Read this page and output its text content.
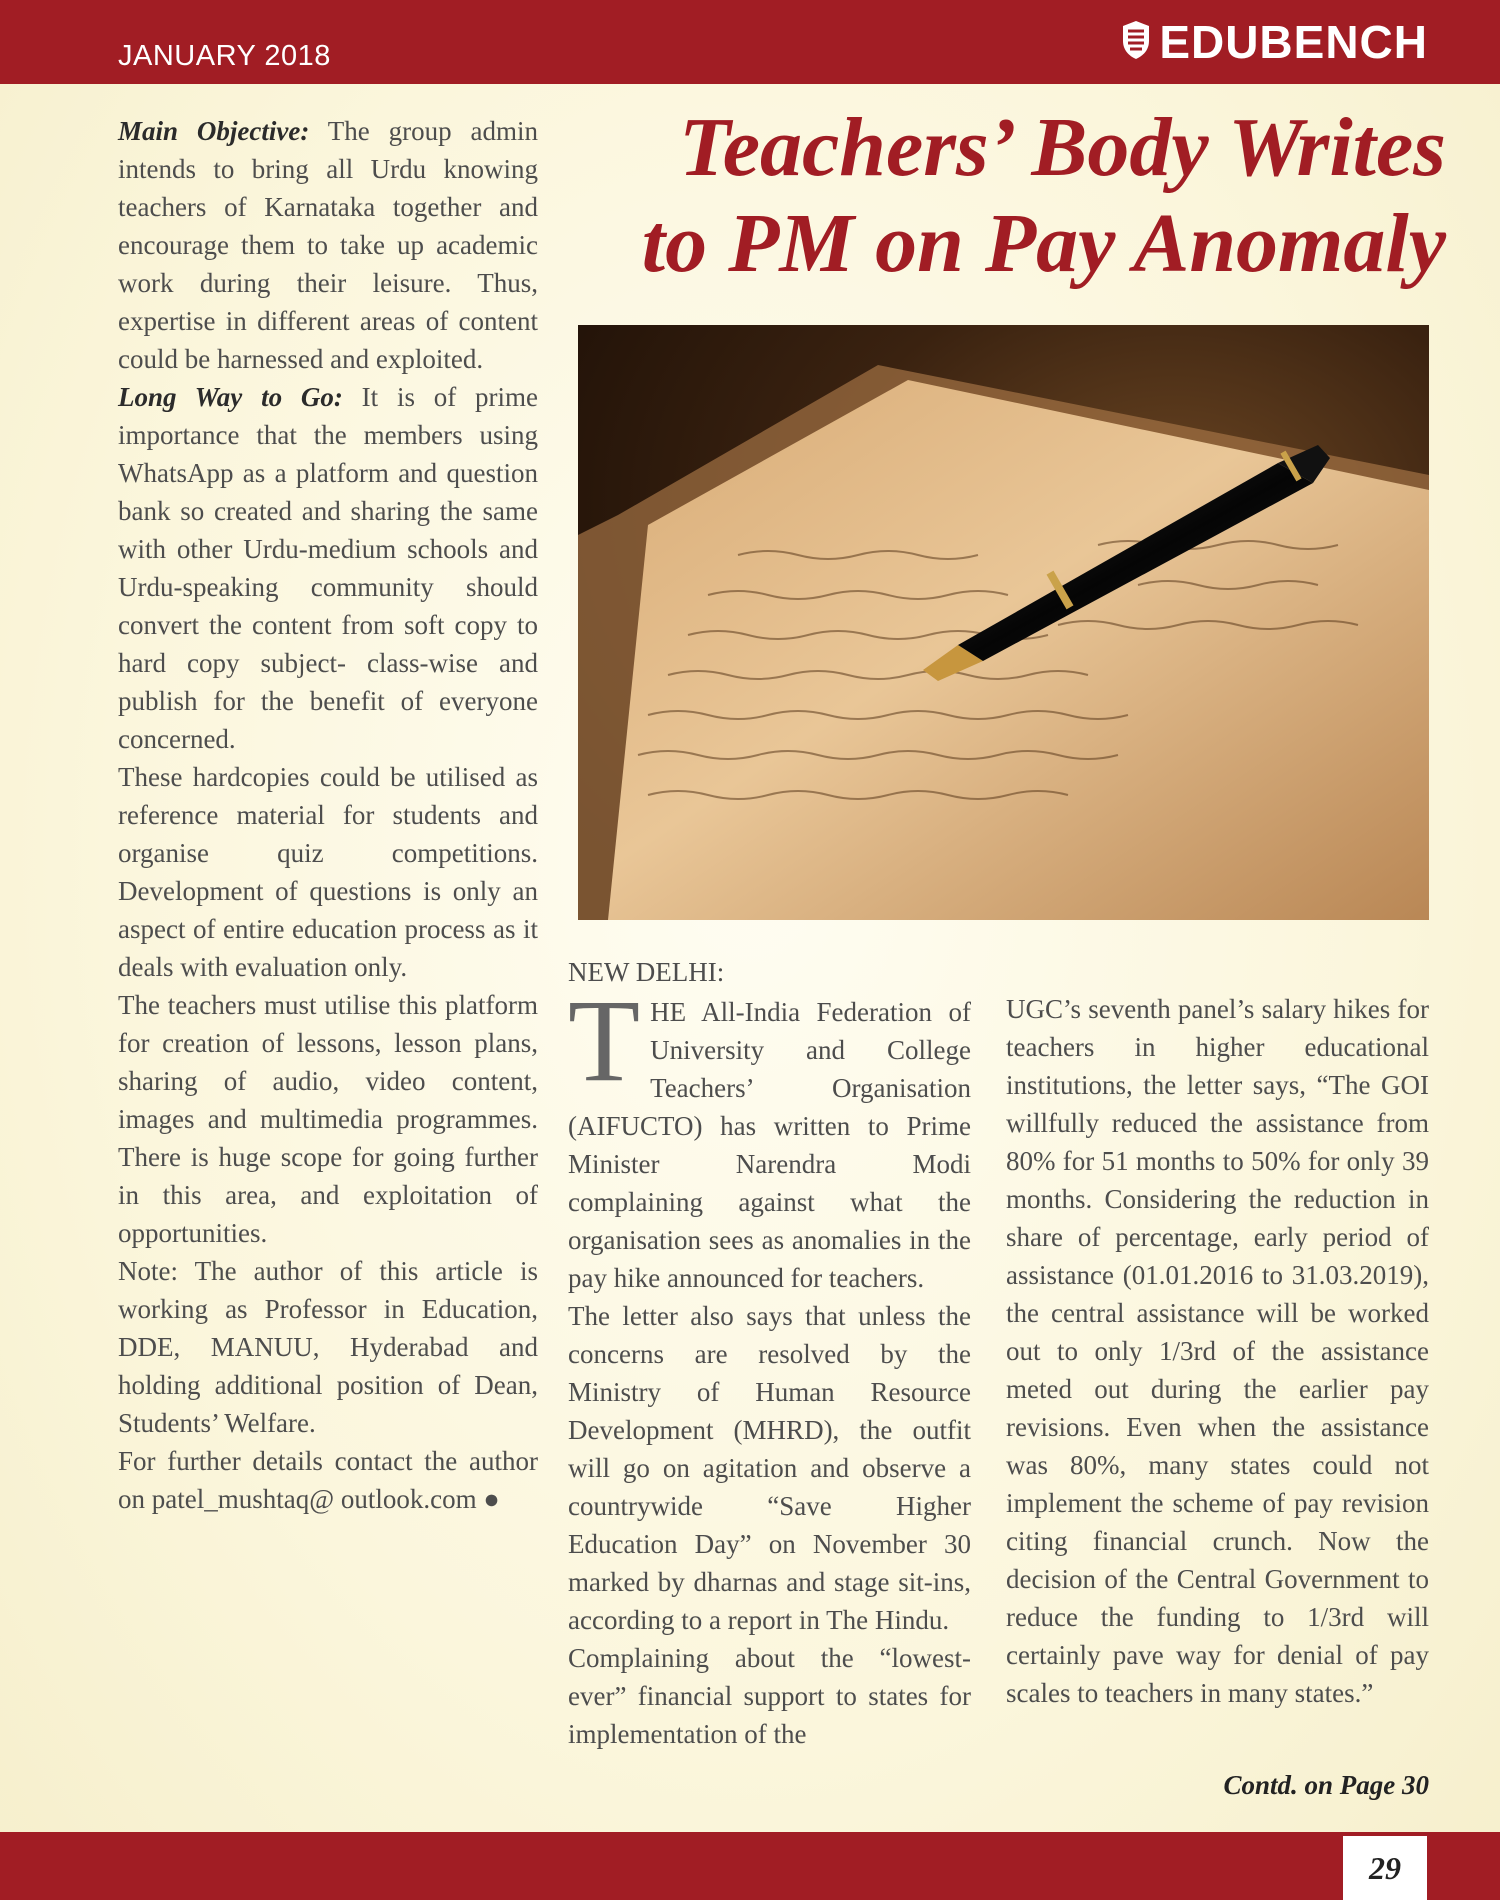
JANUARY 2018	EDUBENCH
Teachers’ Body Writes
to PM on Pay Anomaly

Main Objective: The group admin intends to bring all Urdu knowing teachers of Karnataka together and encourage them to take up academic work during their leisure. Thus, expertise in different areas of content could be harnessed and exploited.

Long Way to Go: It is of prime importance that the members using WhatsApp as a platform and question bank so created and sharing the same with other Urdu-medium schools and Urdu-speaking community should convert the content from soft copy to hard copy subject- class-wise and publish for the benefit of everyone concerned.

These hardcopies could be utilised as reference material for students and organise quiz competitions. Development of questions is only an aspect of entire education process as it deals with evaluation only.

The teachers must utilise this platform for creation of lessons, lesson plans, sharing of audio, video content, images and multimedia programmes. There is huge scope for going further in this area, and exploitation of opportunities.

Note: The author of this article is working as Professor in Education, DDE, MANUU, Hyderabad and holding additional position of Dean, Students’ Welfare.

For further details contact the author on patel_mushtaq@ outlook.com ●

NEW DELHI:

THE All-India Federation of University and College Teachers’ Organisation (AIFUCTO) has written to Prime Minister Narendra Modi complaining against what the organisation sees as anomalies in the pay hike announced for teachers.

The letter also says that unless the concerns are resolved by the Ministry of Human Resource Development (MHRD), the outfit will go on agitation and observe a countrywide “Save Higher Education Day” on November 30 marked by dharnas and stage sit-ins, according to a report in The Hindu.

Complaining about the “lowest-ever” financial support to states for implementation of the

UGC’s seventh panel’s salary hikes for teachers in higher educational institutions, the letter says, “The GOI willfully reduced the assistance from 80% for 51 months to 50% for only 39 months. Considering the reduction in share of percentage, early period of assistance (01.01.2016 to 31.03.2019), the central assistance will be worked out to only 1/3rd of the assistance meted out during the earlier pay revisions. Even when the assistance was 80%, many states could not implement the scheme of pay revision citing financial crunch. Now the decision of the Central Government to reduce the funding to 1/3rd will certainly pave way for denial of pay scales to teachers in many states.”

Contd. on Page 30
29
